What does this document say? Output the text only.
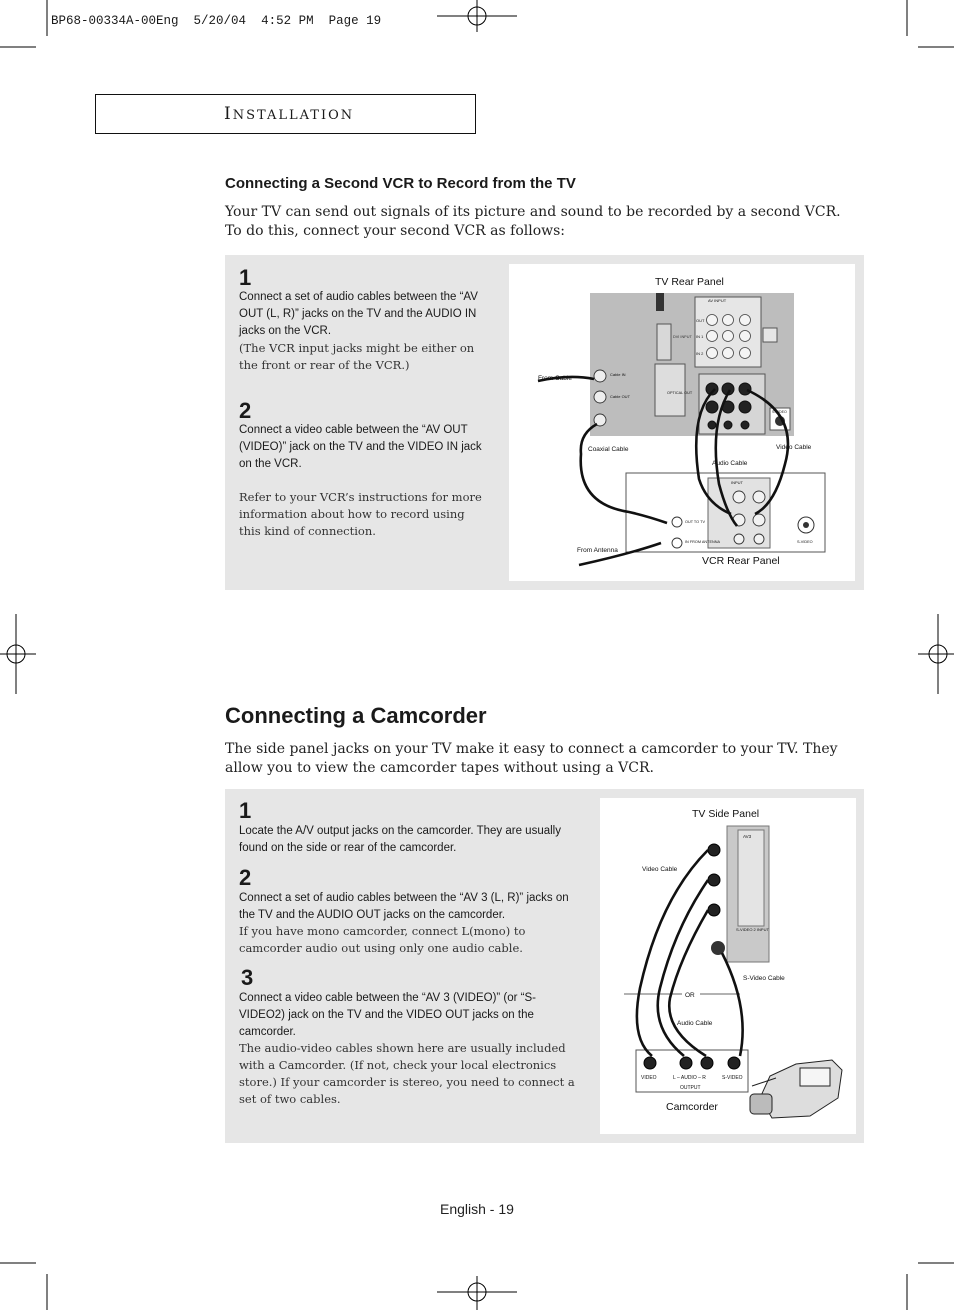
BP68-00334A-00Eng 5/20/04 4:52 PM Page 19
INSTALLATION
Connecting a Second VCR to Record from the TV

Your TV can send out signals of its picture and sound to be recorded by a second VCR. To do this, connect your second VCR as follows:

1
Connect a set of audio cables between the “AV OUT (L, R)” jacks on the TV and the AUDIO IN jacks on the VCR.
(The VCR input jacks might be either on the front or rear of the VCR.)
2
Connect a video cable between the “AV OUT (VIDEO)” jack on the TV and the VIDEO IN jack on the VCR.
Refer to your VCR’s instructions for more information about how to record using this kind of connection.
TV Rear Panel
DVI INPUT
AV INPUT
OUT
IN 1
IN 2
Cable IN
Cable OUT
OPTICAL OUT
S-VIDEO
From Cable
Coaxial Cable
Audio Cable
Video Cable
From Antenna
INPUT
OUT TO TV
IN FROM ANTENNA	S-VIDEO
VCR Rear Panel
Connecting a Camcorder

The side panel jacks on your TV make it easy to connect a camcorder to your TV. They allow you to view the camcorder tapes without using a VCR.

1
Locate the A/V output jacks on the camcorder. They are usually found on the side or rear of the camcorder.
2
Connect a set of audio cables between the “AV 3 (L, R)” jacks on the TV and the AUDIO OUT jacks on the camcorder.
If you have mono camcorder, connect L(mono) to camcorder audio out using only one audio cable.
3
Connect a video cable between the “AV 3 (VIDEO)” (or “S-VIDEO2) jack on the TV and the VIDEO OUT jacks on the camcorder.
The audio-video cables shown here are usually included with a Camcorder. (If not, check your local electronics store.) If your camcorder is stereo, you need to connect a set of two cables.
TV Side Panel
AV3
S-VIDEO 2 INPUT
Video Cable
S-Video Cable
OR
Audio Cable
VIDEO	L – AUDIO – R	S-VIDEO
OUTPUT
Camcorder
English - 19
